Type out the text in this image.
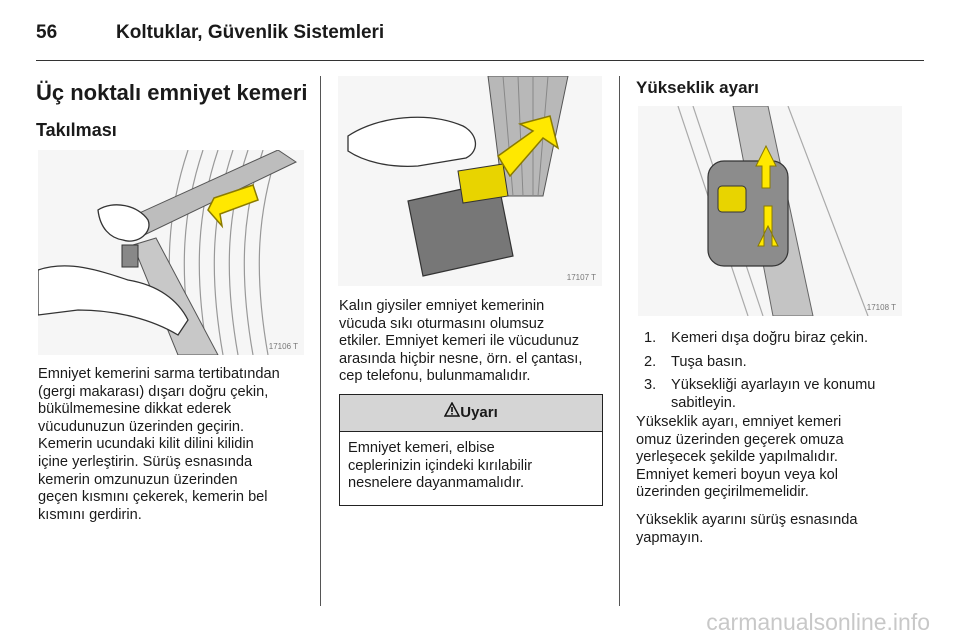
56	Koltuklar, Güvenlik Sistemleri
Üç noktalı emniyet kemeri
Takılması
17106 T
Emniyet kemerini sarma tertibatından
(gergi makarası) dışarı doğru çekin,
bükülmemesine dikkat ederek
vücudunuzun üzerinden geçirin.
Kemerin ucundaki kilit dilini kilidin
içine yerleştirin. Sürüş esnasında
kemerin omzunuzun üzerinden
geçen kısmını çekerek, kemerin bel
kısmını gerdirin.
17107 T
Kalın giysiler emniyet kemerinin
vücuda sıkı oturmasını olumsuz
etkiler. Emniyet kemeri ile vücudunuz
arasında hiçbir nesne, örn. el çantası,
cep telefonu, bulunmamalıdır.
Uyarı
Emniyet kemeri, elbise
ceplerinizin içindeki kırılabilir
nesnelere dayanmamalıdır.
Yükseklik ayarı
17108 T
1. Kemeri dışa doğru biraz çekin.
2. Tuşa basın.
3. Yüksekliği ayarlayın ve konumu
sabitleyin.
Yükseklik ayarı, emniyet kemeri
omuz üzerinden geçerek omuza
yerleşecek şekilde yapılmalıdır.
Emniyet kemeri boyun veya kol
üzerinden geçirilmemelidir.
Yükseklik ayarını sürüş esnasında
yapmayın.
carmanualsonline.info
